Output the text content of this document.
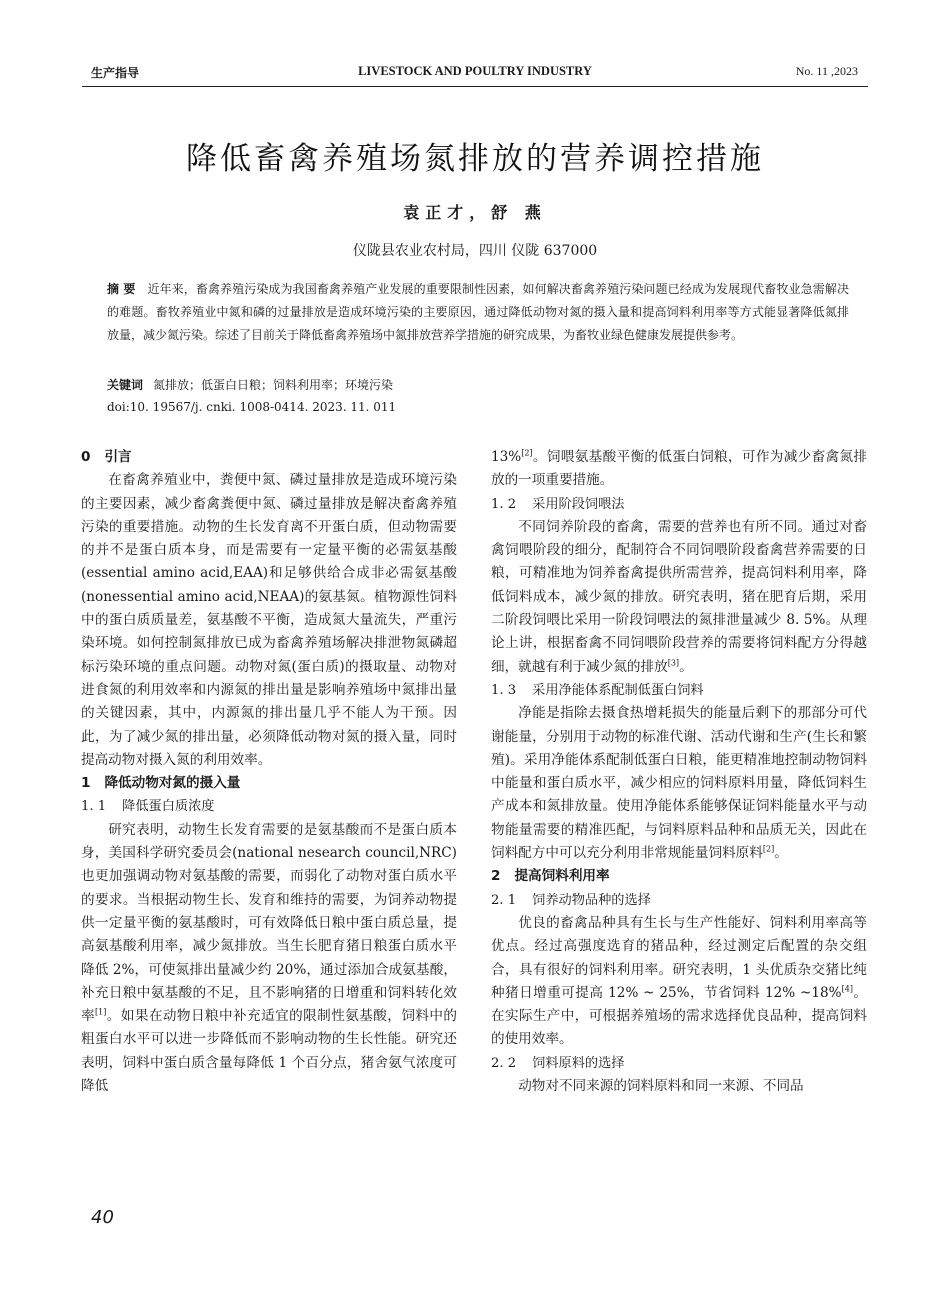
生产指导	LIVESTOCK AND POULTRY INDUSTRY	No. 11 ,2023
降低畜禽养殖场氮排放的营养调控措施
袁正才，舒 燕
仪陇县农业农村局，四川 仪陇 637000
摘 要 近年来，畜禽养殖污染成为我国畜禽养殖产业发展的重要限制性因素，如何解决畜禽养殖污染问题已经成为发展现代畜牧业急需解决的难题。畜牧养殖业中氮和磷的过量排放是造成环境污染的主要原因，通过降低动物对氮的摄入量和提高饲料利用率等方式能显著降低氮排放量，减少氮污染。综述了目前关于降低畜禽养殖场中氮排放营养学措施的研究成果，为畜牧业绿色健康发展提供参考。
关键词 氮排放；低蛋白日粮；饲料利用率；环境污染
doi:10. 19567/j. cnki. 1008-0414. 2023. 11. 011
0 引言

在畜禽养殖业中，粪便中氮、磷过量排放是造成环境污染的主要因素，减少畜禽粪便中氮、磷过量排放是解决畜禽养殖污染的重要措施。动物的生长发育离不开蛋白质，但动物需要的并不是蛋白质本身，而是需要有一定量平衡的必需氨基酸(essential amino acid,EAA)和足够供给合成非必需氨基酸(nonessential amino acid,NEAA)的氨基氮。植物源性饲料中的蛋白质质量差，氨基酸不平衡，造成氮大量流失，严重污染环境。如何控制氮排放已成为畜禽养殖场解决排泄物氮磷超标污染环境的重点问题。动物对氮(蛋白质)的摄取量、动物对进食氮的利用效率和内源氮的排出量是影响养殖场中氮排出量的关键因素，其中，内源氮的排出量几乎不能人为干预。因此，为了减少氮的排出量，必须降低动物对氮的摄入量，同时提高动物对摄入氮的利用效率。

1 降低动物对氮的摄入量
1. 1 降低蛋白质浓度

研究表明，动物生长发育需要的是氨基酸而不是蛋白质本身，美国科学研究委员会(national nesearch council,NRC)也更加强调动物对氨基酸的需要，而弱化了动物对蛋白质水平的要求。当根据动物生长、发育和维持的需要，为饲养动物提供一定量平衡的氨基酸时，可有效降低日粮中蛋白质总量，提高氨基酸利用率，减少氮排放。当生长肥育猪日粮蛋白质水平降低 2%，可使氮排出量减少约 20%，通过添加合成氨基酸，补充日粮中氨基酸的不足，且不影响猪的日增重和饲料转化效率[1]。如果在动物日粮中补充适宜的限制性氨基酸，饲料中的粗蛋白水平可以进一步降低而不影响动物的生长性能。研究还表明，饲料中蛋白质含量每降低 1 个百分点，猪舍氨气浓度可降低

13%[2]。饲喂氨基酸平衡的低蛋白饲粮，可作为减少畜禽氮排放的一项重要措施。

1. 2 采用阶段饲喂法

不同饲养阶段的畜禽，需要的营养也有所不同。通过对畜禽饲喂阶段的细分，配制符合不同饲喂阶段畜禽营养需要的日粮，可精准地为饲养畜禽提供所需营养，提高饲料利用率，降低饲料成本，减少氮的排放。研究表明，猪在肥育后期，采用二阶段饲喂比采用一阶段饲喂法的氮排泄量减少 8. 5%。从理论上讲，根据畜禽不同饲喂阶段营养的需要将饲料配方分得越细，就越有利于减少氮的排放[3]。

1. 3 采用净能体系配制低蛋白饲料

净能是指除去摄食热增耗损失的能量后剩下的那部分可代谢能量，分别用于动物的标准代谢、活动代谢和生产(生长和繁殖)。采用净能体系配制低蛋白日粮，能更精准地控制动物饲料中能量和蛋白质水平，减少相应的饲料原料用量，降低饲料生产成本和氮排放量。使用净能体系能够保证饲料能量水平与动物能量需要的精准匹配，与饲料原料品种和品质无关，因此在饲料配方中可以充分利用非常规能量饲料原料[2]。

2 提高饲料利用率
2. 1 饲养动物品种的选择

优良的畜禽品种具有生长与生产性能好、饲料利用率高等优点。经过高强度选育的猪品种，经过测定后配置的杂交组合，具有很好的饲料利用率。研究表明，1 头优质杂交猪比纯种猪日增重可提高 12% ~ 25%，节省饲料 12% ~18%[4]。在实际生产中，可根据养殖场的需求选择优良品种，提高饲料的使用效率。

2. 2 饲料原料的选择

动物对不同来源的饲料原料和同一来源、不同品

40
